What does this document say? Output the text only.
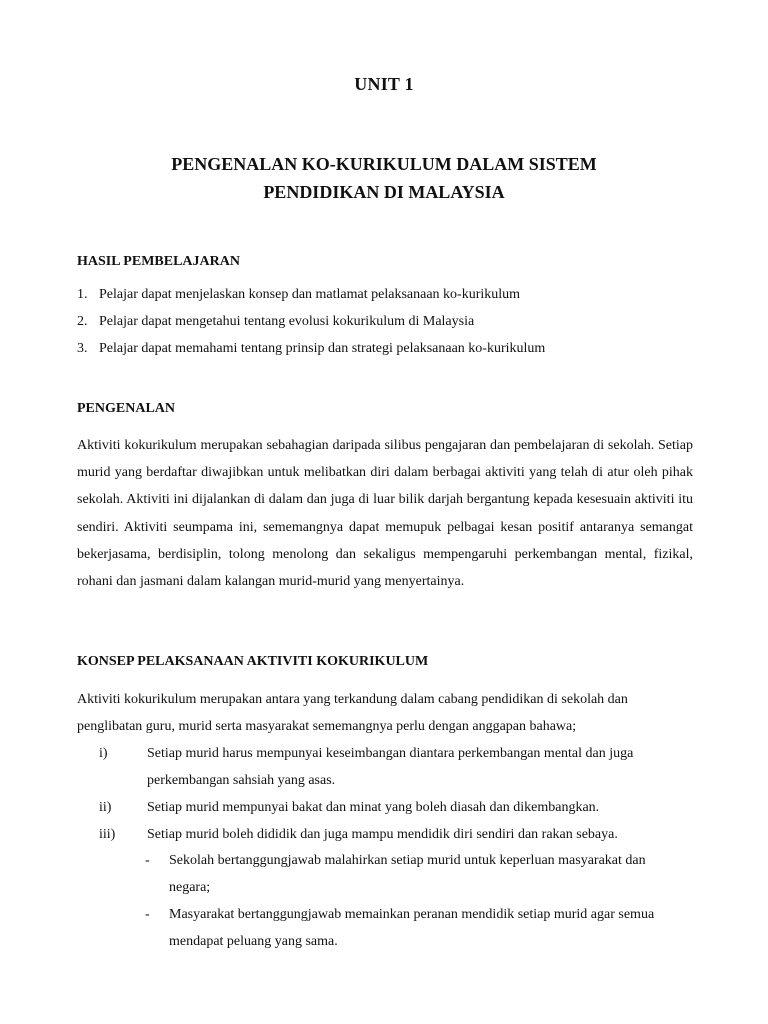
UNIT 1
PENGENALAN KO-KURIKULUM DALAM SISTEM
PENDIDIKAN DI MALAYSIA
HASIL PEMBELAJARAN
1. Pelajar dapat menjelaskan konsep dan matlamat pelaksanaan ko-kurikulum
2. Pelajar dapat mengetahui tentang evolusi kokurikulum di Malaysia
3. Pelajar dapat memahami tentang prinsip dan strategi pelaksanaan ko-kurikulum
PENGENALAN

Aktiviti kokurikulum merupakan sebahagian daripada silibus pengajaran dan pembelajaran di sekolah. Setiap murid yang berdaftar diwajibkan untuk melibatkan diri dalam berbagai aktiviti yang telah di atur oleh pihak sekolah. Aktiviti ini dijalankan di dalam dan juga di luar bilik darjah bergantung kepada kesesuain aktiviti itu sendiri. Aktiviti seumpama ini, sememangnya dapat memupuk pelbagai kesan positif antaranya semangat bekerjasama, berdisiplin, tolong menolong dan sekaligus mempengaruhi perkembangan mental, fizikal, rohani dan jasmani dalam kalangan murid-murid yang menyertainya.

KONSEP PELAKSANAAN AKTIVITI KOKURIKULUM

Aktiviti kokurikulum merupakan antara yang terkandung dalam cabang pendidikan di sekolah dan penglibatan guru, murid serta masyarakat sememangnya perlu dengan anggapan bahawa;

i)	Setiap murid harus mempunyai keseimbangan diantara perkembangan mental dan juga perkembangan sahsiah yang asas.
ii)	Setiap murid mempunyai bakat dan minat yang boleh diasah dan dikembangkan.
iii)	Setiap murid boleh dididik dan juga mampu mendidik diri sendiri dan rakan sebaya.
-	Sekolah bertanggungjawab malahirkan setiap murid untuk keperluan masyarakat dan negara;
-	Masyarakat bertanggungjawab memainkan peranan mendidik setiap murid agar semua mendapat peluang yang sama.
